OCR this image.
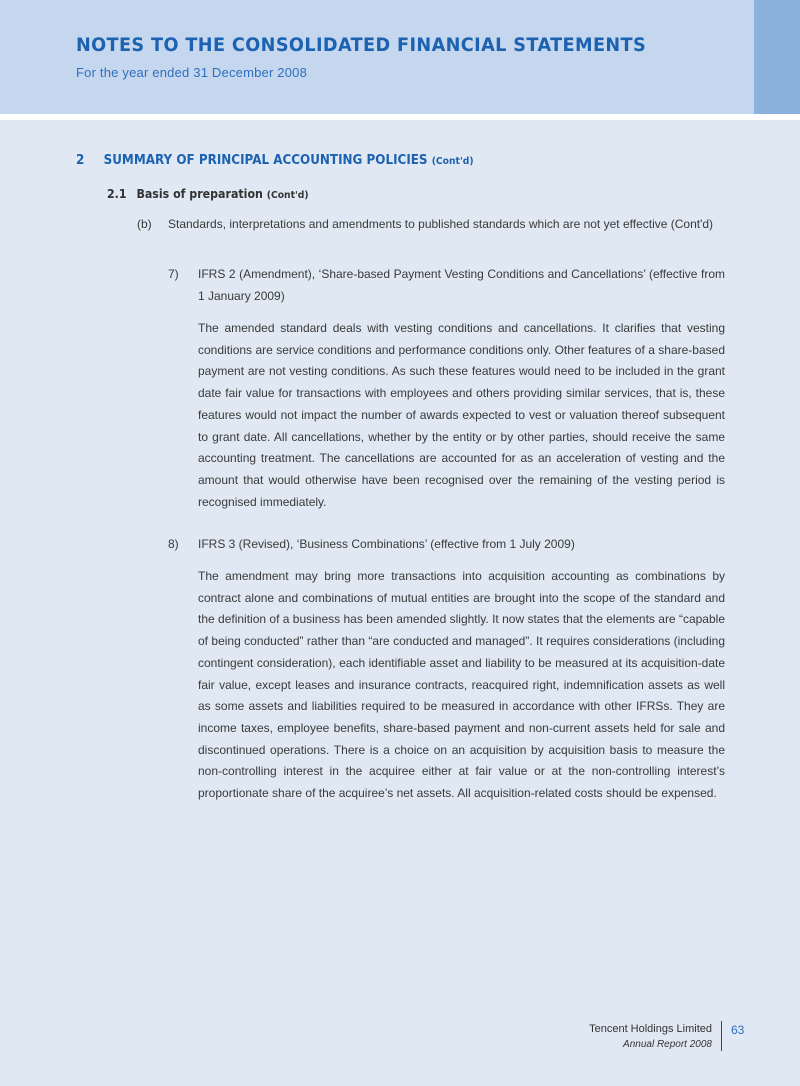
NOTES TO THE CONSOLIDATED FINANCIAL STATEMENTS
For the year ended 31 December 2008
2 SUMMARY OF PRINCIPAL ACCOUNTING POLICIES (Cont'd)
2.1 Basis of preparation (Cont'd)
(b) Standards, interpretations and amendments to published standards which are not yet effective (Cont'd)
7) IFRS 2 (Amendment), ‘Share-based Payment Vesting Conditions and Cancellations’ (effective from 1 January 2009)
The amended standard deals with vesting conditions and cancellations. It clarifies that vesting conditions are service conditions and performance conditions only. Other features of a share-based payment are not vesting conditions. As such these features would need to be included in the grant date fair value for transactions with employees and others providing similar services, that is, these features would not impact the number of awards expected to vest or valuation thereof subsequent to grant date. All cancellations, whether by the entity or by other parties, should receive the same accounting treatment. The cancellations are accounted for as an acceleration of vesting and the amount that would otherwise have been recognised over the remaining of the vesting period is recognised immediately.
8) IFRS 3 (Revised), ‘Business Combinations’ (effective from 1 July 2009)
The amendment may bring more transactions into acquisition accounting as combinations by contract alone and combinations of mutual entities are brought into the scope of the standard and the definition of a business has been amended slightly. It now states that the elements are “capable of being conducted” rather than “are conducted and managed”. It requires considerations (including contingent consideration), each identifiable asset and liability to be measured at its acquisition-date fair value, except leases and insurance contracts, reacquired right, indemnification assets as well as some assets and liabilities required to be measured in accordance with other IFRSs. They are income taxes, employee benefits, share-based payment and non-current assets held for sale and discontinued operations. There is a choice on an acquisition by acquisition basis to measure the non-controlling interest in the acquiree either at fair value or at the non-controlling interest’s proportionate share of the acquiree’s net assets. All acquisition-related costs should be expensed.
Tencent Holdings Limited
Annual Report 2008
63
